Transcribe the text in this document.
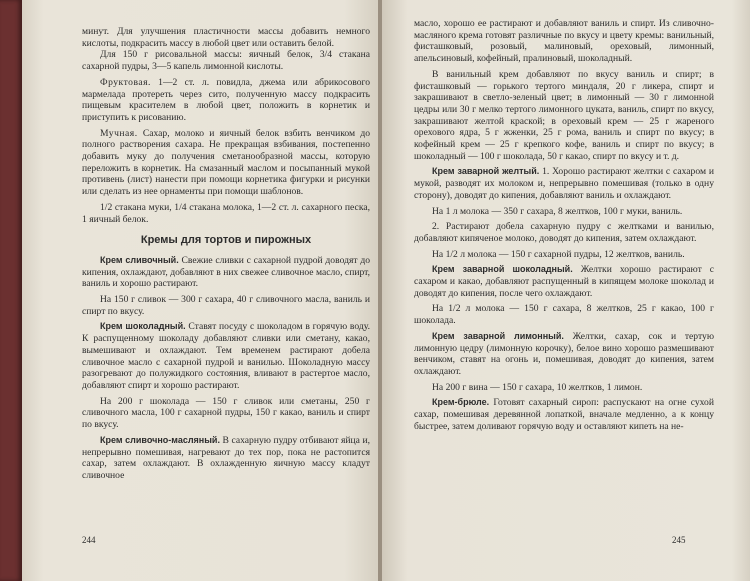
минут. Для улучшения пластичности массы добавить немного кислоты, подкрасить массу в любой цвет или оставить белой.

Для 150 г рисовальной массы: яичный белок, 3/4 стакана сахарной пудры, 3—5 капель лимонной кислоты.

Фруктовая. 1—2 ст. л. повидла, джема или абрикосового мармелада протереть через сито, полученную массу подкрасить пищевым красителем в любой цвет, положить в корнетик и приступить к рисованию.

Мучная. Сахар, молоко и яичный белок взбить венчиком до полного растворения сахара. Не прекращая взбивания, постепенно добавить муку до получения сметанообразной массы, которую переложить в корнетик. На смазанный маслом и посыпанный мукой противень (лист) нанести при помощи корнетика фигурки и рисунки или сделать из нее орнаменты при помощи шаблонов.

1/2 стакана муки, 1/4 стакана молока, 1—2 ст. л. сахарного песка, 1 яичный белок.

Кремы для тортов и пирожных

Крем сливочный. Свежие сливки с сахарной пудрой доводят до кипения, охлаждают, добавляют в них свежее сливочное масло, спирт, ваниль и хорошо растирают.

На 150 г сливок — 300 г сахара, 40 г сливочного масла, ваниль и спирт по вкусу.

Крем шоколадный. Ставят посуду с шоколадом в горячую воду. К распущенному шоколаду добавляют сливки или сметану, какао, вымешивают и охлаждают. Тем временем растирают добела сливочное масло с сахарной пудрой и ванилью. Шоколадную массу разогревают до полужидкого состояния, вливают в растертое масло, добавляют спирт и хорошо растирают.

На 200 г шоколада — 150 г сливок или сметаны, 250 г сливочного масла, 100 г сахарной пудры, 150 г какао, ваниль и спирт по вкусу.

Крем сливочно-масляный. В сахарную пудру отбивают яйца и, непрерывно помешивая, нагревают до тех пор, пока не растопится сахар, затем охлаждают. В охлажденную яичную массу кладут сливочное

244

масло, хорошо ее растирают и добавляют ваниль и спирт. Из сливочно-масляного крема готовят различные по вкусу и цвету кремы: ванильный, фисташковый, розовый, малиновый, ореховый, лимонный, апельсиновый, кофейный, пралиновый, шоколадный.

В ванильный крем добавляют по вкусу ваниль и спирт; в фисташковый — горького тертого миндаля, 20 г ликера, спирт и закрашивают в светло-зеленый цвет; в лимонный — 30 г лимонной цедры или 30 г мелко тертого лимонного цуката, ваниль, спирт по вкусу, закрашивают желтой краской; в ореховый крем — 25 г жареного орехового ядра, 5 г жженки, 25 г рома, ваниль и спирт по вкусу; в кофейный крем — 25 г крепкого кофе, ваниль и спирт по вкусу; в шоколадный — 100 г шоколада, 50 г какао, спирт по вкусу и т. д.

Крем заварной желтый. 1. Хорошо растирают желтки с сахаром и мукой, разводят их молоком и, непрерывно помешивая (только в одну сторону), доводят до кипения, добавляют ваниль и охлаждают.

На 1 л молока — 350 г сахара, 8 желтков, 100 г муки, ваниль.

2. Растирают добела сахарную пудру с желтками и ванилью, добавляют кипяченое молоко, доводят до кипения, затем охлаждают.

На 1/2 л молока — 150 г сахарной пудры, 12 желтков, ваниль.

Крем заварной шоколадный. Желтки хорошо растирают с сахаром и какао, добавляют распущенный в кипящем молоке шоколад и доводят до кипения, после чего охлаждают.

На 1/2 л молока — 150 г сахара, 8 желтков, 25 г какао, 100 г шоколада.

Крем заварной лимонный. Желтки, сахар, сок и тертую лимонную цедру (лимонную корочку), белое вино хорошо размешивают венчиком, ставят на огонь и, помешивая, доводят до кипения, затем охлаждают.

На 200 г вина — 150 г сахара, 10 желтков, 1 лимон.

Крем-брюле. Готовят сахарный сироп: распускают на огне сухой сахар, помешивая деревянной лопаткой, вначале медленно, а к концу быстрее, затем доливают горячую воду и оставляют кипеть на не-

245
